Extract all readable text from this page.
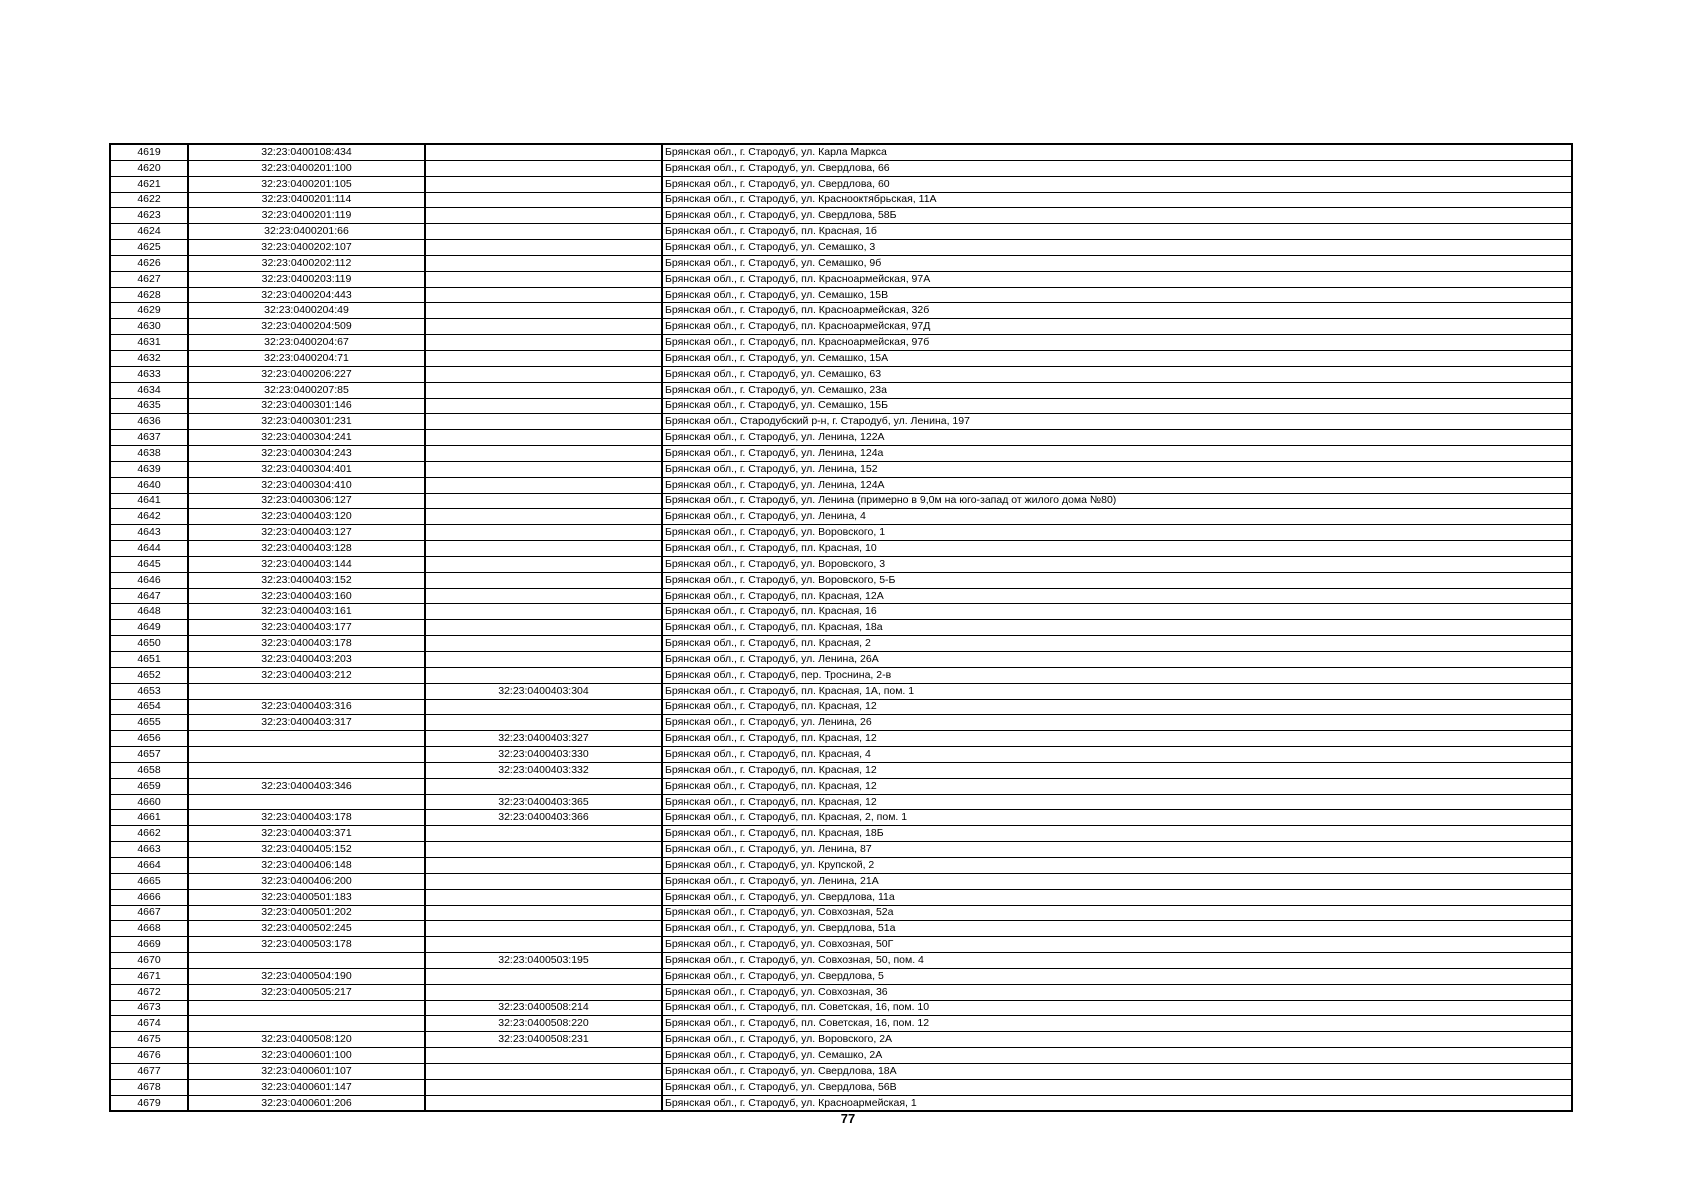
4619	32:23:0400108:434		Брянская обл., г. Стародуб, ул. Карла Маркса
4620	32:23:0400201:100		Брянская обл., г. Стародуб, ул. Свердлова, 66
4621	32:23:0400201:105		Брянская обл., г. Стародуб, ул. Свердлова, 60
4622	32:23:0400201:114		Брянская обл., г. Стародуб, ул. Краснооктябрьская, 11А
4623	32:23:0400201:119		Брянская обл., г. Стародуб, ул. Свердлова, 58Б
4624	32:23:0400201:66		Брянская обл., г. Стародуб, пл. Красная, 1б
4625	32:23:0400202:107		Брянская обл., г. Стародуб, ул. Семашко, 3
4626	32:23:0400202:112		Брянская обл., г. Стародуб, ул. Семашко, 9б
4627	32:23:0400203:119		Брянская обл., г. Стародуб, пл. Красноармейская, 97А
4628	32:23:0400204:443		Брянская обл., г. Стародуб, ул. Семашко, 15В
4629	32:23:0400204:49		Брянская обл., г. Стародуб, пл. Красноармейская, 32б
4630	32:23:0400204:509		Брянская обл., г. Стародуб, пл. Красноармейская, 97Д
4631	32:23:0400204:67		Брянская обл., г. Стародуб, пл. Красноармейская, 97б
4632	32:23:0400204:71		Брянская обл., г. Стародуб, ул. Семашко, 15А
4633	32:23:0400206:227		Брянская обл., г. Стародуб, ул. Семашко, 63
4634	32:23:0400207:85		Брянская обл., г. Стародуб, ул. Семашко, 23а
4635	32:23:0400301:146		Брянская обл., г. Стародуб, ул. Семашко, 15Б
4636	32:23:0400301:231		Брянская обл., Стародубский р-н, г. Стародуб, ул. Ленина, 197
4637	32:23:0400304:241		Брянская обл., г. Стародуб, ул. Ленина, 122А
4638	32:23:0400304:243		Брянская обл., г. Стародуб, ул. Ленина, 124а
4639	32:23:0400304:401		Брянская обл., г. Стародуб, ул. Ленина, 152
4640	32:23:0400304:410		Брянская обл., г. Стародуб, ул. Ленина, 124А
4641	32:23:0400306:127		Брянская обл., г. Стародуб, ул. Ленина (примерно в 9,0м на юго-запад от жилого дома №80)
4642	32:23:0400403:120		Брянская обл., г. Стародуб, ул. Ленина, 4
4643	32:23:0400403:127		Брянская обл., г. Стародуб, ул. Воровского, 1
4644	32:23:0400403:128		Брянская обл., г. Стародуб, пл. Красная, 10
4645	32:23:0400403:144		Брянская обл., г. Стародуб, ул. Воровского, 3
4646	32:23:0400403:152		Брянская обл., г. Стародуб, ул. Воровского, 5-Б
4647	32:23:0400403:160		Брянская обл., г. Стародуб, пл. Красная, 12А
4648	32:23:0400403:161		Брянская обл., г. Стародуб, пл. Красная, 16
4649	32:23:0400403:177		Брянская обл., г. Стародуб, пл. Красная, 18а
4650	32:23:0400403:178		Брянская обл., г. Стародуб, пл. Красная, 2
4651	32:23:0400403:203		Брянская обл., г. Стародуб, ул. Ленина, 26А
4652	32:23:0400403:212		Брянская обл., г. Стародуб, пер. Троснина, 2-в
4653		32:23:0400403:304	Брянская обл., г. Стародуб, пл. Красная, 1А, пом. 1
4654	32:23:0400403:316		Брянская обл., г. Стародуб, пл. Красная, 12
4655	32:23:0400403:317		Брянская обл., г. Стародуб, ул. Ленина, 26
4656		32:23:0400403:327	Брянская обл., г. Стародуб, пл. Красная, 12
4657		32:23:0400403:330	Брянская обл., г. Стародуб, пл. Красная, 4
4658		32:23:0400403:332	Брянская обл., г. Стародуб, пл. Красная, 12
4659	32:23:0400403:346		Брянская обл., г. Стародуб, пл. Красная, 12
4660		32:23:0400403:365	Брянская обл., г. Стародуб, пл. Красная, 12
4661	32:23:0400403:178	32:23:0400403:366	Брянская обл., г. Стародуб, пл. Красная, 2, пом. 1
4662	32:23:0400403:371		Брянская обл., г. Стародуб, пл. Красная, 18Б
4663	32:23:0400405:152		Брянская обл., г. Стародуб, ул. Ленина, 87
4664	32:23:0400406:148		Брянская обл., г. Стародуб, ул. Крупской, 2
4665	32:23:0400406:200		Брянская обл., г. Стародуб, ул. Ленина, 21А
4666	32:23:0400501:183		Брянская обл., г. Стародуб, ул. Свердлова, 11а
4667	32:23:0400501:202		Брянская обл., г. Стародуб, ул. Совхозная, 52а
4668	32:23:0400502:245		Брянская обл., г. Стародуб, ул. Свердлова, 51а
4669	32:23:0400503:178		Брянская обл., г. Стародуб, ул. Совхозная, 50Г
4670		32:23:0400503:195	Брянская обл., г. Стародуб, ул. Совхозная, 50, пом. 4
4671	32:23:0400504:190		Брянская обл., г. Стародуб, ул. Свердлова, 5
4672	32:23:0400505:217		Брянская обл., г. Стародуб, ул. Совхозная, 36
4673		32:23:0400508:214	Брянская обл., г. Стародуб, пл. Советская, 16, пом. 10
4674		32:23:0400508:220	Брянская обл., г. Стародуб, пл. Советская, 16, пом. 12
4675	32:23:0400508:120	32:23:0400508:231	Брянская обл., г. Стародуб, ул. Воровского, 2А
4676	32:23:0400601:100		Брянская обл., г. Стародуб, ул. Семашко, 2А
4677	32:23:0400601:107		Брянская обл., г. Стародуб, ул. Свердлова, 18А
4678	32:23:0400601:147		Брянская обл., г. Стародуб, ул. Свердлова, 56В
4679	32:23:0400601:206		Брянская обл., г. Стародуб, ул. Красноармейская, 1
77
